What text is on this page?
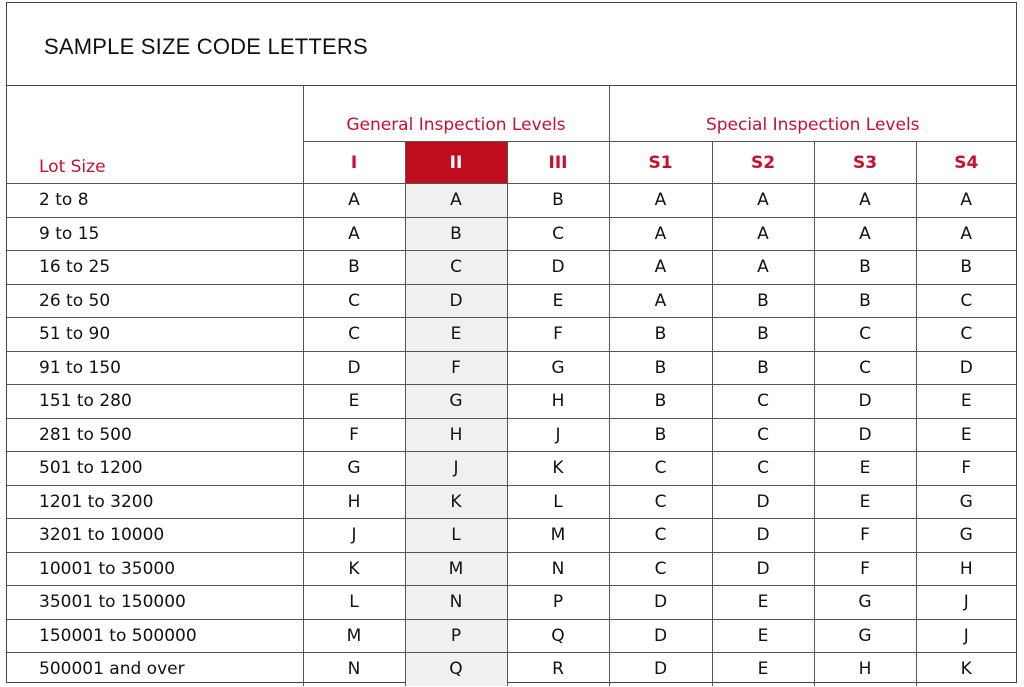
SAMPLE SIZE CODE LETTERS
Lot Size	General Inspection Levels			Special Inspection Levels			
	I	II	III	S1	S2	S3	S4
2 to 8	A	A	B	A	A	A	A
9 to 15	A	B	C	A	A	A	A
16 to 25	B	C	D	A	A	B	B
26 to 50	C	D	E	A	B	B	C
51 to 90	C	E	F	B	B	C	C
91 to 150	D	F	G	B	B	C	D
151 to 280	E	G	H	B	C	D	E
281 to 500	F	H	J	B	C	D	E
501 to 1200	G	J	K	C	C	E	F
1201 to 3200	H	K	L	C	D	E	G
3201 to 10000	J	L	M	C	D	F	G
10001 to 35000	K	M	N	C	D	F	H
35001 to 150000	L	N	P	D	E	G	J
150001 to 500000	M	P	Q	D	E	G	J
500001 and over	N	Q	R	D	E	H	K
